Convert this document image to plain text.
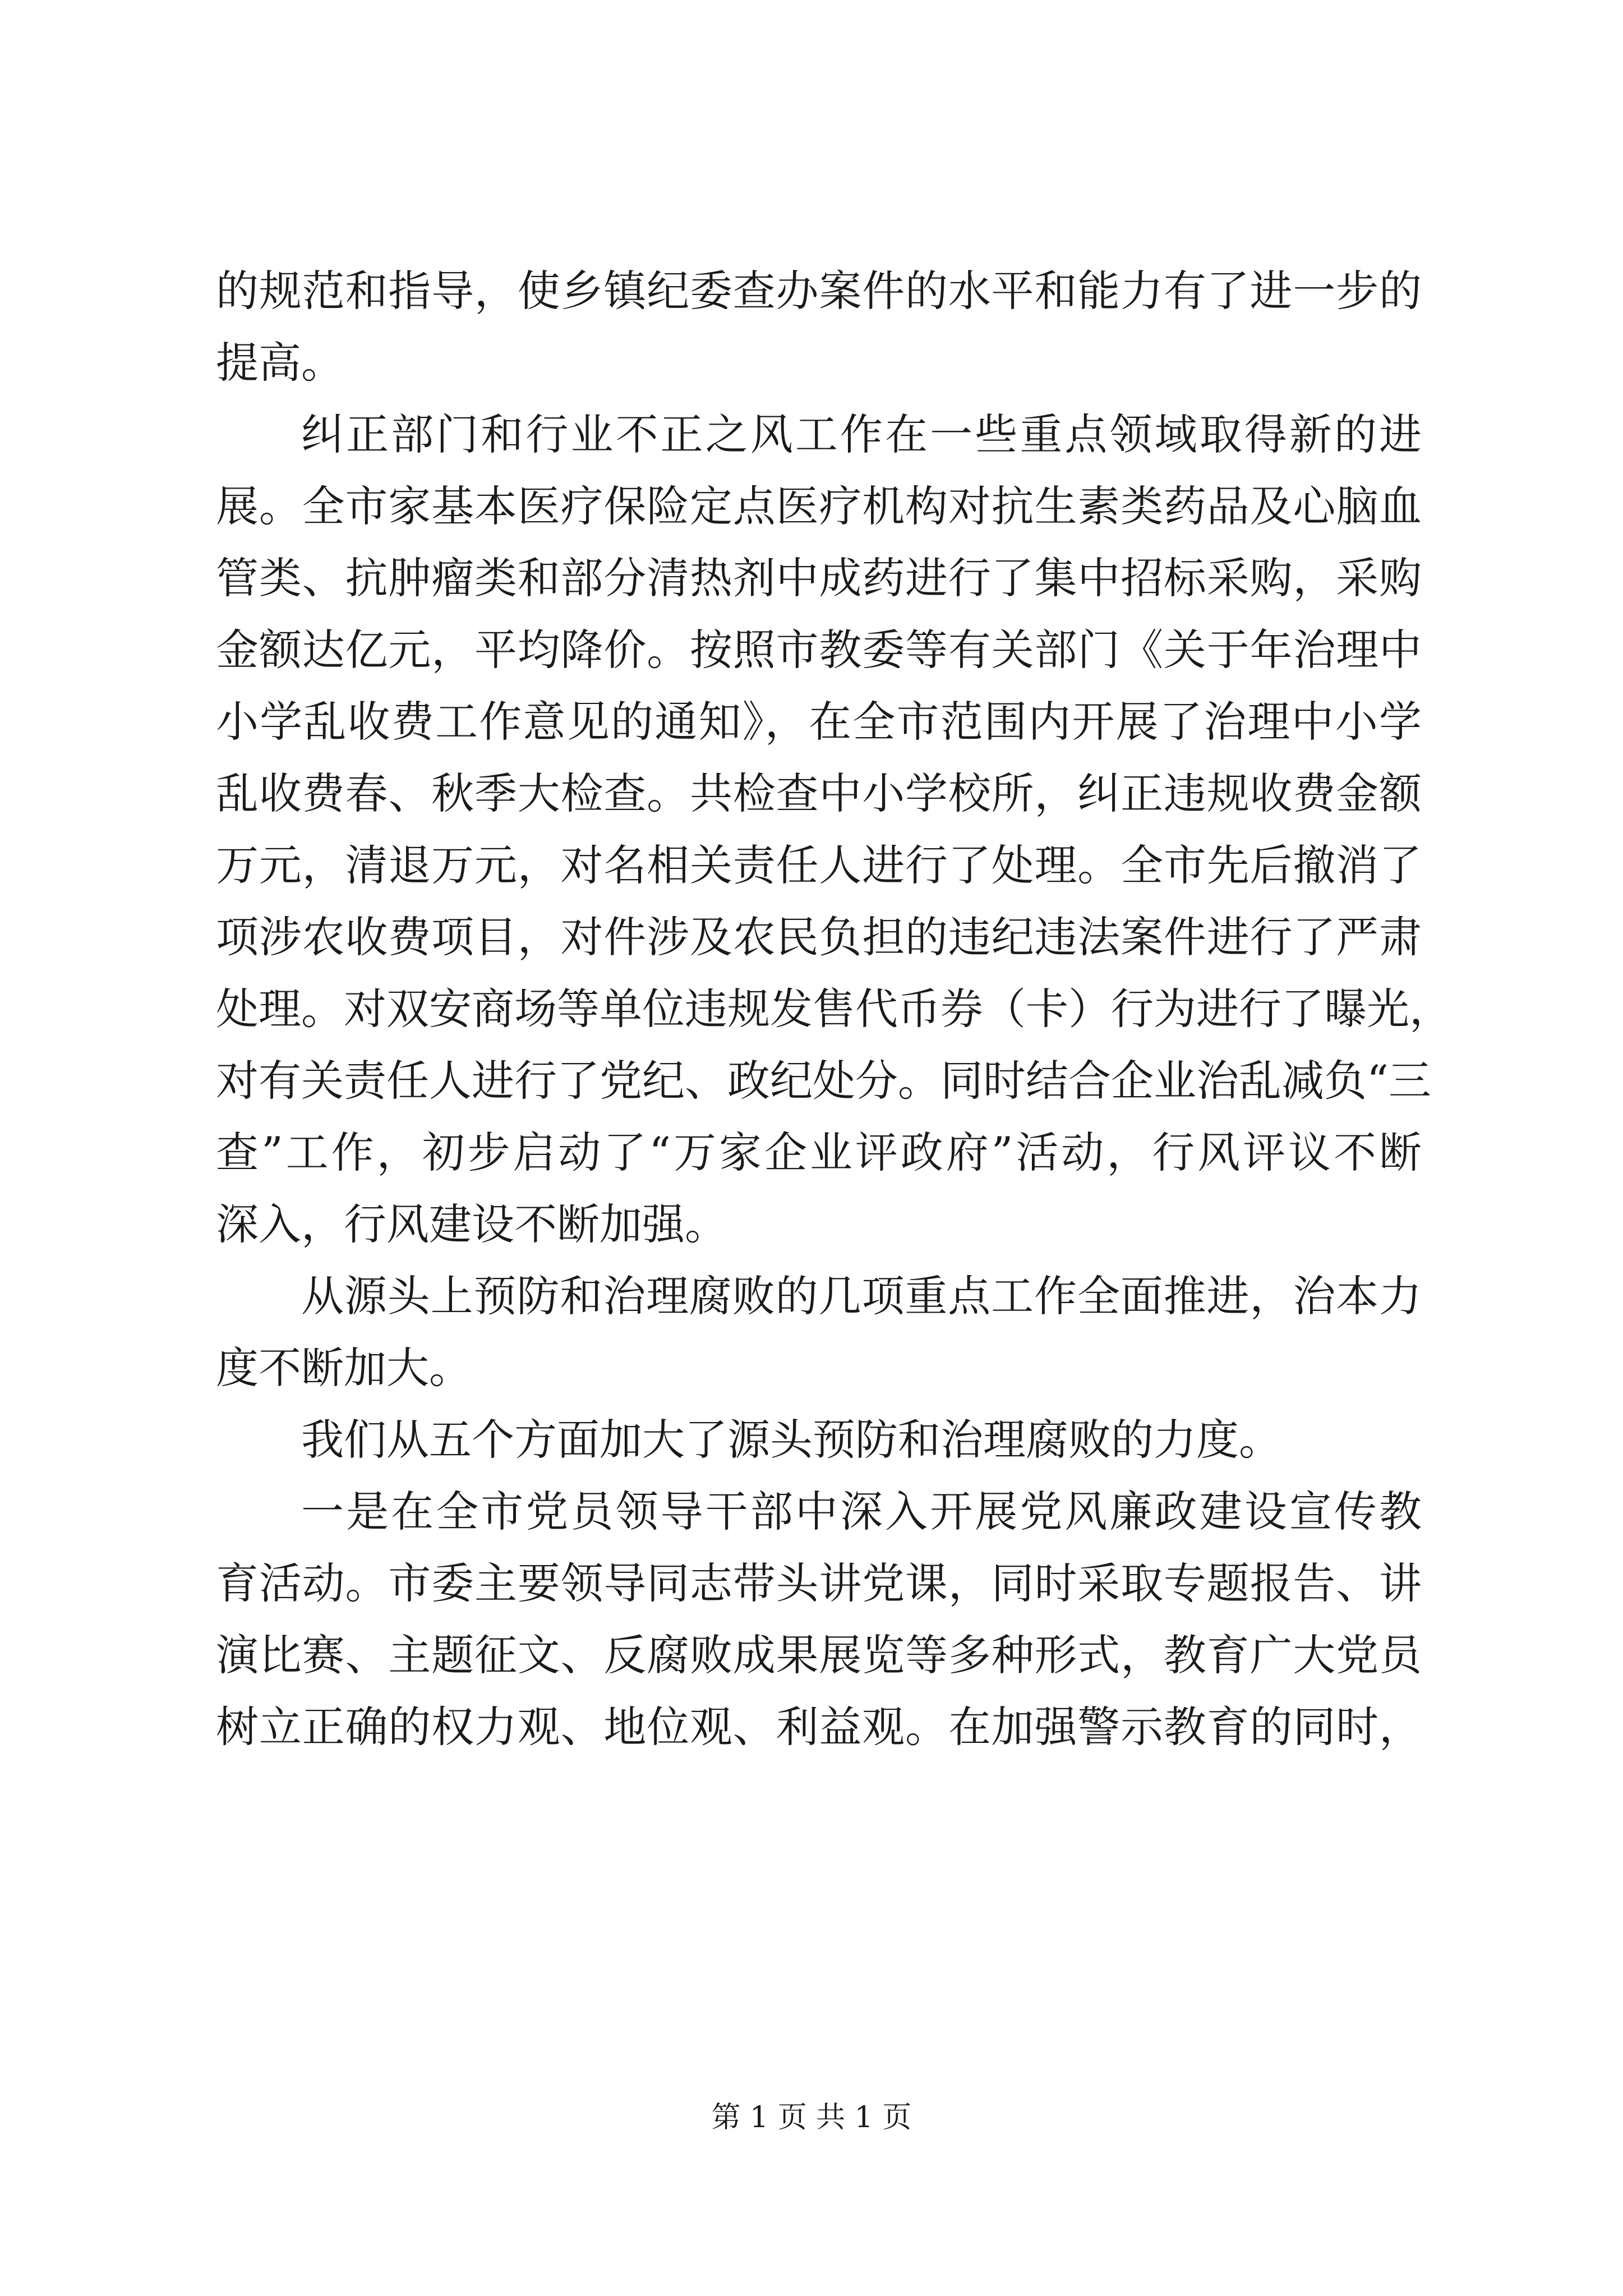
的规范和指导，使乡镇纪委查办案件的水平和能力有了进一步的
提高。
纠正部门和行业不正之风工作在一些重点领域取得新的进
展。全市家基本医疗保险定点医疗机构对抗生素类药品及心脑血
管类、抗肿瘤类和部分清热剂中成药进行了集中招标采购，采购
金额达亿元，平均降价。按照市教委等有关部门《关于年治理中
小学乱收费工作意见的通知》，在全市范围内开展了治理中小学
乱收费春、秋季大检查。共检查中小学校所，纠正违规收费金额
万元，清退万元，对名相关责任人进行了处理。全市先后撤消了
项涉农收费项目，对件涉及农民负担的违纪违法案件进行了严肃
处理。对双安商场等单位违规发售代币券（卡）行为进行了曝光，
对有关责任人进行了党纪、政纪处分。同时结合企业治乱减负“三
查”工作，初步启动了“万家企业评政府”活动，行风评议不断
深入，行风建设不断加强。
从源头上预防和治理腐败的几项重点工作全面推进，治本力
度不断加大。
我们从五个方面加大了源头预防和治理腐败的力度。
一是在全市党员领导干部中深入开展党风廉政建设宣传教
育活动。市委主要领导同志带头讲党课，同时采取专题报告、讲
演比赛、主题征文、反腐败成果展览等多种形式，教育广大党员
树立正确的权力观、地位观、利益观。在加强警示教育的同时，
第 1 页 共 1 页
